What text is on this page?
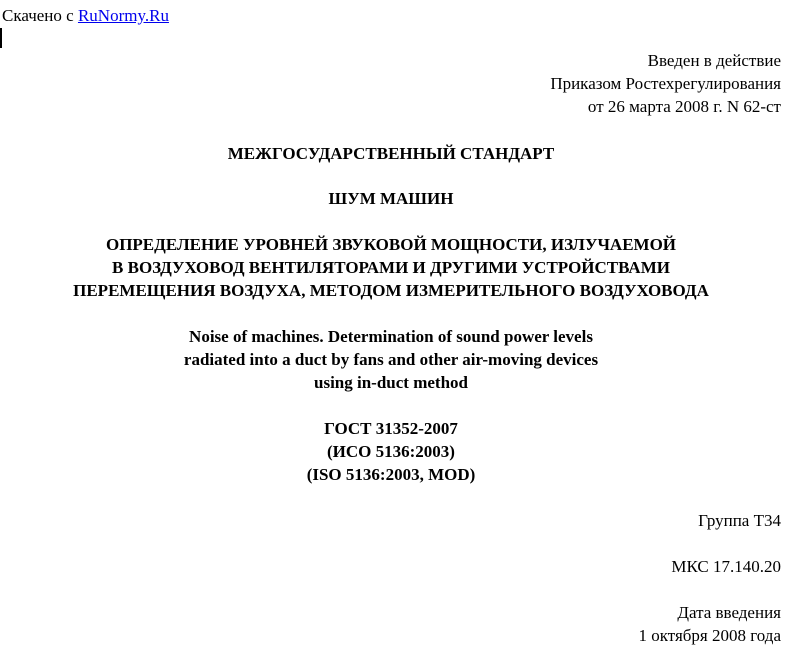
Скачено с RuNormy.Ru
Введен в действие
Приказом Ростехрегулирования
от 26 марта 2008 г. N 62-ст
МЕЖГОСУДАРСТВЕННЫЙ СТАНДАРТ
ШУМ МАШИН
ОПРЕДЕЛЕНИЕ УРОВНЕЙ ЗВУКОВОЙ МОЩНОСТИ, ИЗЛУЧАЕМОЙ
В ВОЗДУХОВОД ВЕНТИЛЯТОРАМИ И ДРУГИМИ УСТРОЙСТВАМИ
ПЕРЕМЕЩЕНИЯ ВОЗДУХА, МЕТОДОМ ИЗМЕРИТЕЛЬНОГО ВОЗДУХОВОДА
Noise of machines. Determination of sound power levels
radiated into a duct by fans and other air-moving devices
using in-duct method
ГОСТ 31352-2007
(ИСО 5136:2003)
(ISO 5136:2003, MOD)
Группа Т34
МКС 17.140.20
Дата введения
1 октября 2008 года
